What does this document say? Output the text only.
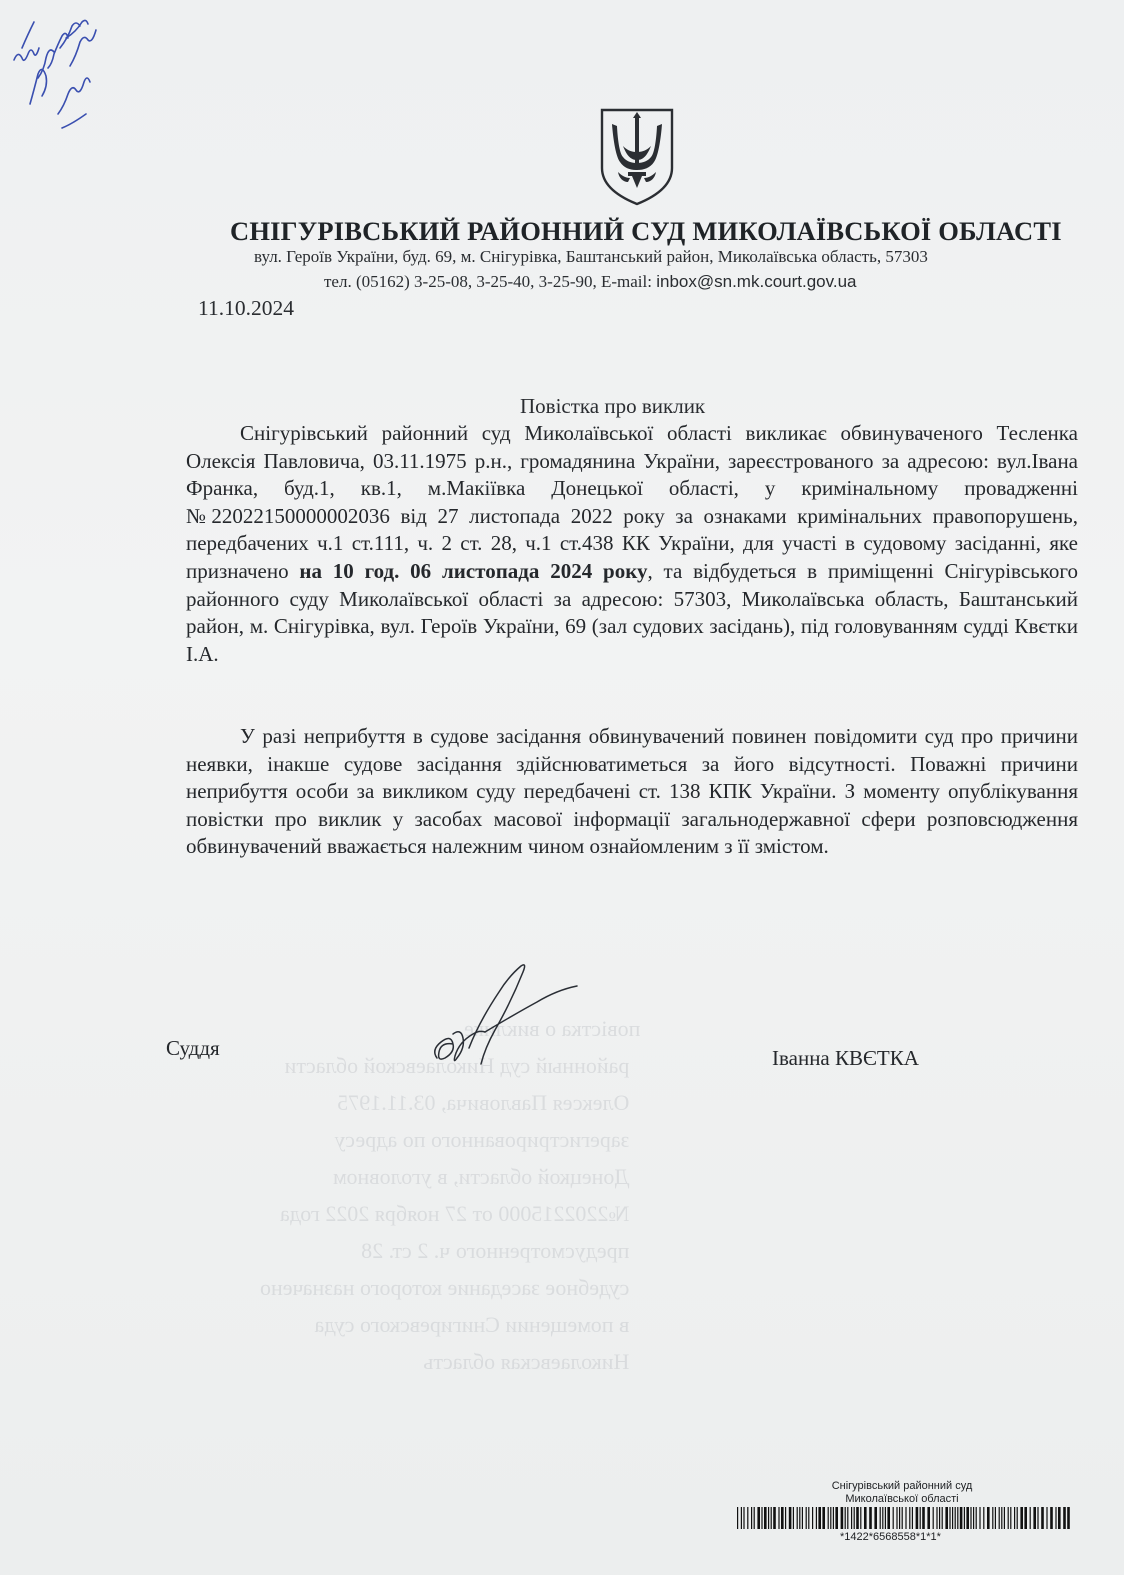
повістка о виклике
районный суд Николаевской области
Олексея Павловича, 03.11.1975
зарегистрированного по адресу
Донецкой области, в уголовном
№2202215000 от 27 ноября 2022 года
предусмотренного ч. 2 ст. 28
судебное заседание которого назначено
в помещении Снигиревского суда
Николаевская область
СНІГУРІВСЬКИЙ РАЙОННИЙ СУД МИКОЛАЇВСЬКОЇ ОБЛАСТІ
вул. Героїв України, буд. 69, м. Снігурівка, Баштанський район, Миколаївська область, 57303
тел. (05162) 3-25-08, 3-25-40, 3-25-90, E-mail: inbox@sn.mk.court.gov.ua
11.10.2024
Повістка про виклик

Снігурівський районний суд Миколаївської області викликає обвинуваченого Тесленка Олексія Павловича, 03.11.1975 р.н., громадянина України, зареєстрованого за адресою: вул.Івана Франка, буд.1, кв.1, м.Макіївка Донецької області, у кримінальному провадженні №22022150000002036 від 27 листопада 2022 року за ознаками кримінальних правопорушень, передбачених ч.1 ст.111, ч. 2 ст. 28, ч.1 ст.438 КК України, для участі в судовому засіданні, яке призначено на 10 год. 06 листопада 2024 року, та відбудеться в приміщенні Снігурівського районного суду Миколаївської області за адресою: 57303, Миколаївська область, Баштанський район, м. Снігурівка, вул. Героїв України, 69 (зал судових засідань), під головуванням судді Квєтки І.А.

У разі неприбуття в судове засідання обвинувачений повинен повідомити суд про причини неявки, інакше судове засідання здійснюватиметься за його відсутності. Поважні причини неприбуття особи за викликом суду передбачені ст. 138 КПК України. З моменту опублікування повістки про виклик у засобах масової інформації загальнодержавної сфери розповсюдження обвинувачений вважається належним чином ознайомленим з її змістом.

Суддя	Іванна КВЄТКА
Снігурівський районний суд
Миколаївської області
*1422*6568558*1*1*
